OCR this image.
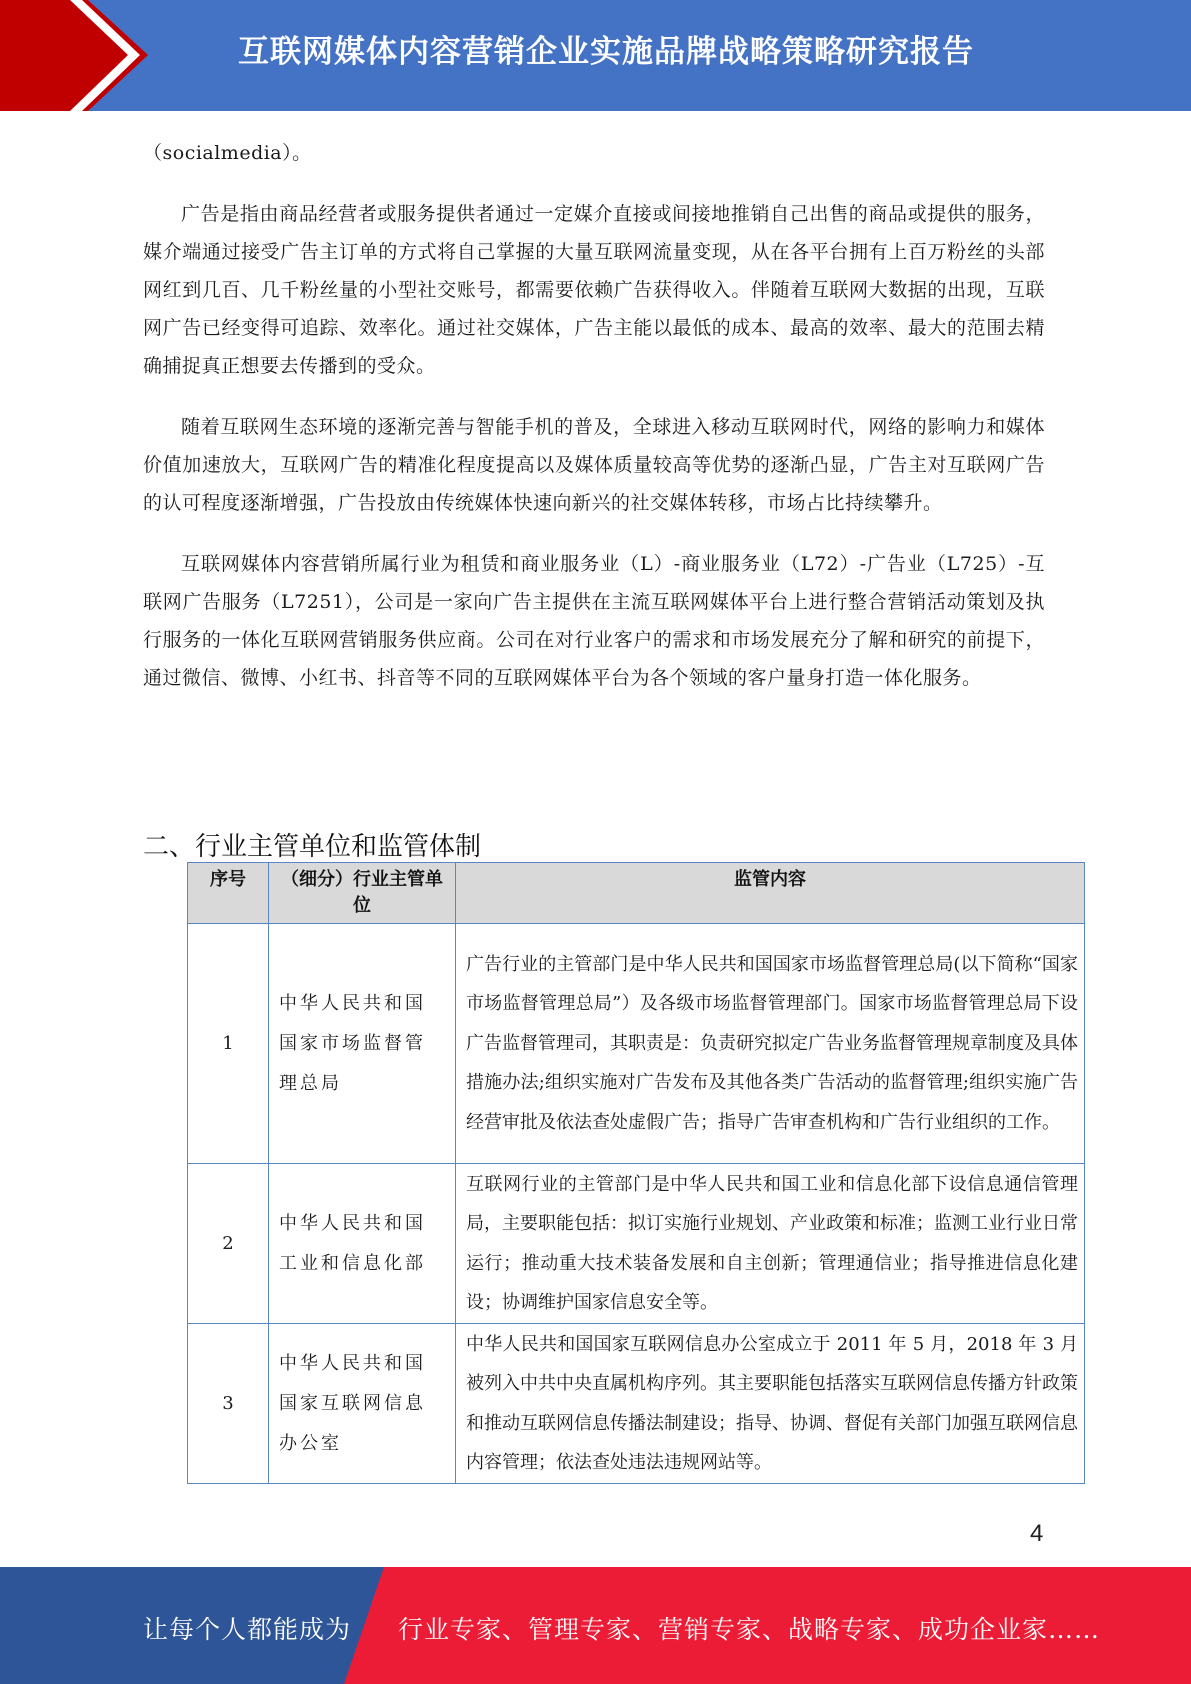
互联网媒体内容营销企业实施品牌战略策略研究报告

（socialmedia）。

广告是指由商品经营者或服务提供者通过一定媒介直接或间接地推销自己出售的商品或提供的服务，媒介端通过接受广告主订单的方式将自己掌握的大量互联网流量变现，从在各平台拥有上百万粉丝的头部网红到几百、几千粉丝量的小型社交账号，都需要依赖广告获得收入。伴随着互联网大数据的出现，互联网广告已经变得可追踪、效率化。通过社交媒体，广告主能以最低的成本、最高的效率、最大的范围去精确捕捉真正想要去传播到的受众。

随着互联网生态环境的逐渐完善与智能手机的普及，全球进入移动互联网时代，网络的影响力和媒体价值加速放大，互联网广告的精准化程度提高以及媒体质量较高等优势的逐渐凸显，广告主对互联网广告的认可程度逐渐增强，广告投放由传统媒体快速向新兴的社交媒体转移，市场占比持续攀升。

互联网媒体内容营销所属行业为租赁和商业服务业（L）-商业服务业（L72）-广告业（L725）-互联网广告服务（L7251），公司是一家向广告主提供在主流互联网媒体平台上进行整合营销活动策划及执行服务的一体化互联网营销服务供应商。公司在对行业客户的需求和市场发展充分了解和研究的前提下，通过微信、微博、小红书、抖音等不同的互联网媒体平台为各个领域的客户量身打造一体化服务。

二、行业主管单位和监管体制
序号	（细分）行业主管单位	监管内容
1	中华人民共和国国家市场监督管理总局	广告行业的主管部门是中华人民共和国国家市场监督管理总局(以下简称“国家市场监督管理总局”）及各级市场监督管理部门。国家市场监督管理总局下设广告监督管理司，其职责是：负责研究拟定广告业务监督管理规章制度及具体措施办法;组织实施对广告发布及其他各类广告活动的监督管理;组织实施广告经营审批及依法查处虚假广告；指导广告审查机构和广告行业组织的工作。
2	中华人民共和国工业和信息化部	互联网行业的主管部门是中华人民共和国工业和信息化部下设信息通信管理局，主要职能包括：拟订实施行业规划、产业政策和标准；监测工业行业日常运行；推动重大技术装备发展和自主创新；管理通信业；指导推进信息化建设；协调维护国家信息安全等。
3	中华人民共和国国家互联网信息办公室	中华人民共和国国家互联网信息办公室成立于 2011 年 5 月，2018 年 3 月被列入中共中央直属机构序列。其主要职能包括落实互联网信息传播方针政策和推动互联网信息传播法制建设；指导、协调、督促有关部门加强互联网信息内容管理；依法查处违法违规网站等。
4
让每个人都能成为 行业专家、管理专家、营销专家、战略专家、成功企业家……
